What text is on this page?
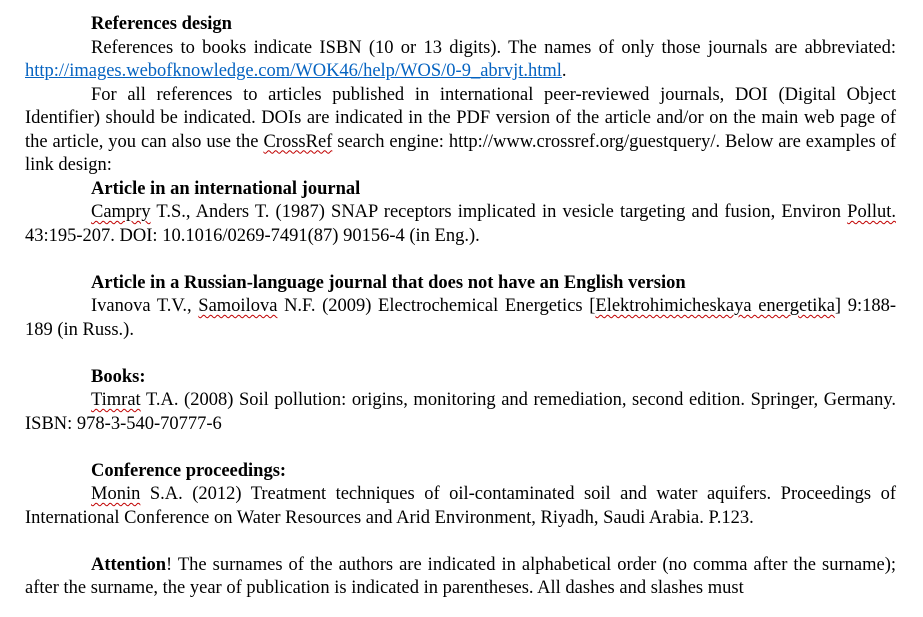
References design

References to books indicate ISBN (10 or 13 digits). The names of only those journals are abbreviated: http://images.webofknowledge.com/WOK46/help/WOS/0-9_abrvjt.html.

For all references to articles published in international peer-reviewed journals, DOI (Digital Object Identifier) should be indicated. DOIs are indicated in the PDF version of the article and/or on the main web page of the article, you can also use the CrossRef search engine: http://www.crossref.org/guestquery/. Below are examples of link design:

Article in an international journal

Campry T.S., Anders T. (1987) SNAP receptors implicated in vesicle targeting and fusion, Environ Pollut. 43:195-207. DOI: 10.1016/0269-7491(87) 90156-4 (in Eng.).

Article in a Russian-language journal that does not have an English version

Ivanova T.V., Samoilova N.F. (2009) Electrochemical Energetics [Elektrohimicheskaya energetika] 9:188-189 (in Russ.).

Books:

Timrat T.A. (2008) Soil pollution: origins, monitoring and remediation, second edition. Springer, Germany. ISBN: 978-3-540-70777-6

Conference proceedings:

Monin S.A. (2012) Treatment techniques of oil-contaminated soil and water aquifers. Proceedings of International Conference on Water Resources and Arid Environment, Riyadh, Saudi Arabia. P.123.

Attention! The surnames of the authors are indicated in alphabetical order (no comma after the surname); after the surname, the year of publication is indicated in parentheses. All dashes and slashes must
